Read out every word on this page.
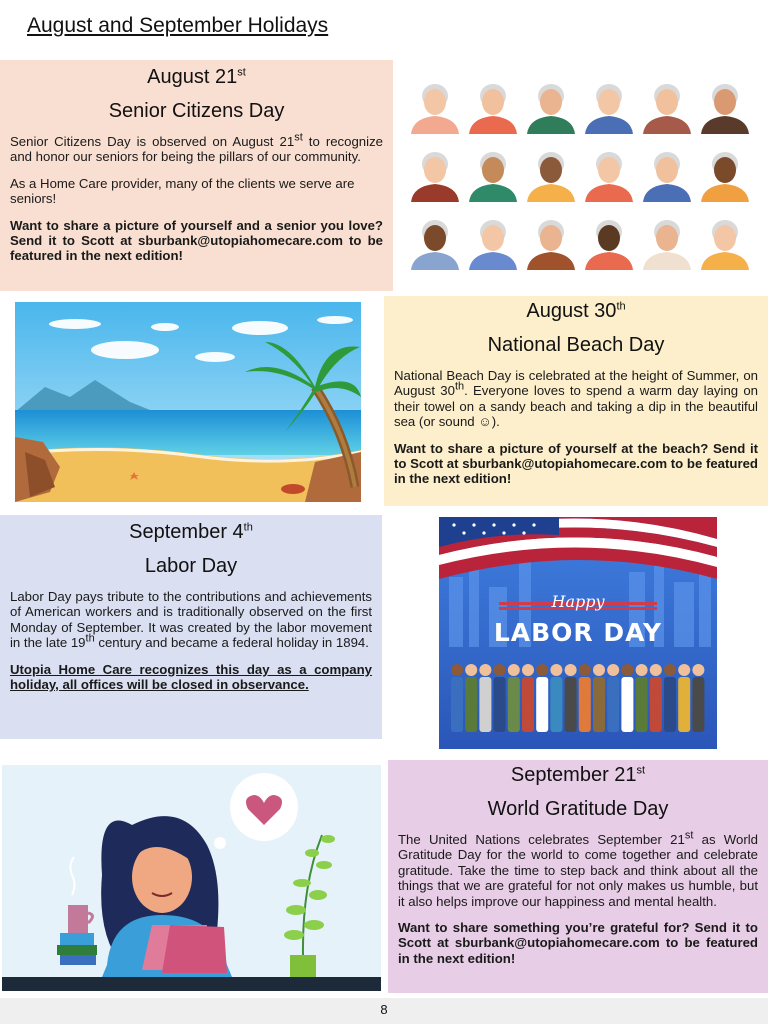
August and September Holidays
August 21st
Senior Citizens Day

Senior Citizens Day is observed on August 21st to recognize and honor our seniors for being the pillars of our community.

As a Home Care provider, many of the clients we serve are seniors!

Want to share a picture of yourself and a senior you love? Send it to Scott at sburbank@utopiahomecare.com to be featured in the next edition!

August 30th
National Beach Day

National Beach Day is celebrated at the height of Summer, on August 30th. Everyone loves to spend a warm day laying on their towel on a sandy beach and taking a dip in the beautiful sea (or sound ☺).

Want to share a picture of yourself at the beach? Send it to Scott at sburbank@utopiahomecare.com to be featured in the next edition!

September 4th
Labor Day

Labor Day pays tribute to the contributions and achievements of American workers and is traditionally observed on the first Monday of September. It was created by the labor movement in the late 19th century and became a federal holiday in 1894.

Utopia Home Care recognizes this day as a company holiday, all offices will be closed in observance.

Happy
LABOR DAY
September 21st
World Gratitude Day

The United Nations celebrates September 21st as World Gratitude Day for the world to come together and celebrate gratitude. Take the time to step back and think about all the things that we are grateful for not only makes us humble, but it also helps improve our happiness and mental health.

Want to share something you’re grateful for? Send it to Scott at sburbank@utopiahomecare.com to be featured in the next edition!

8
